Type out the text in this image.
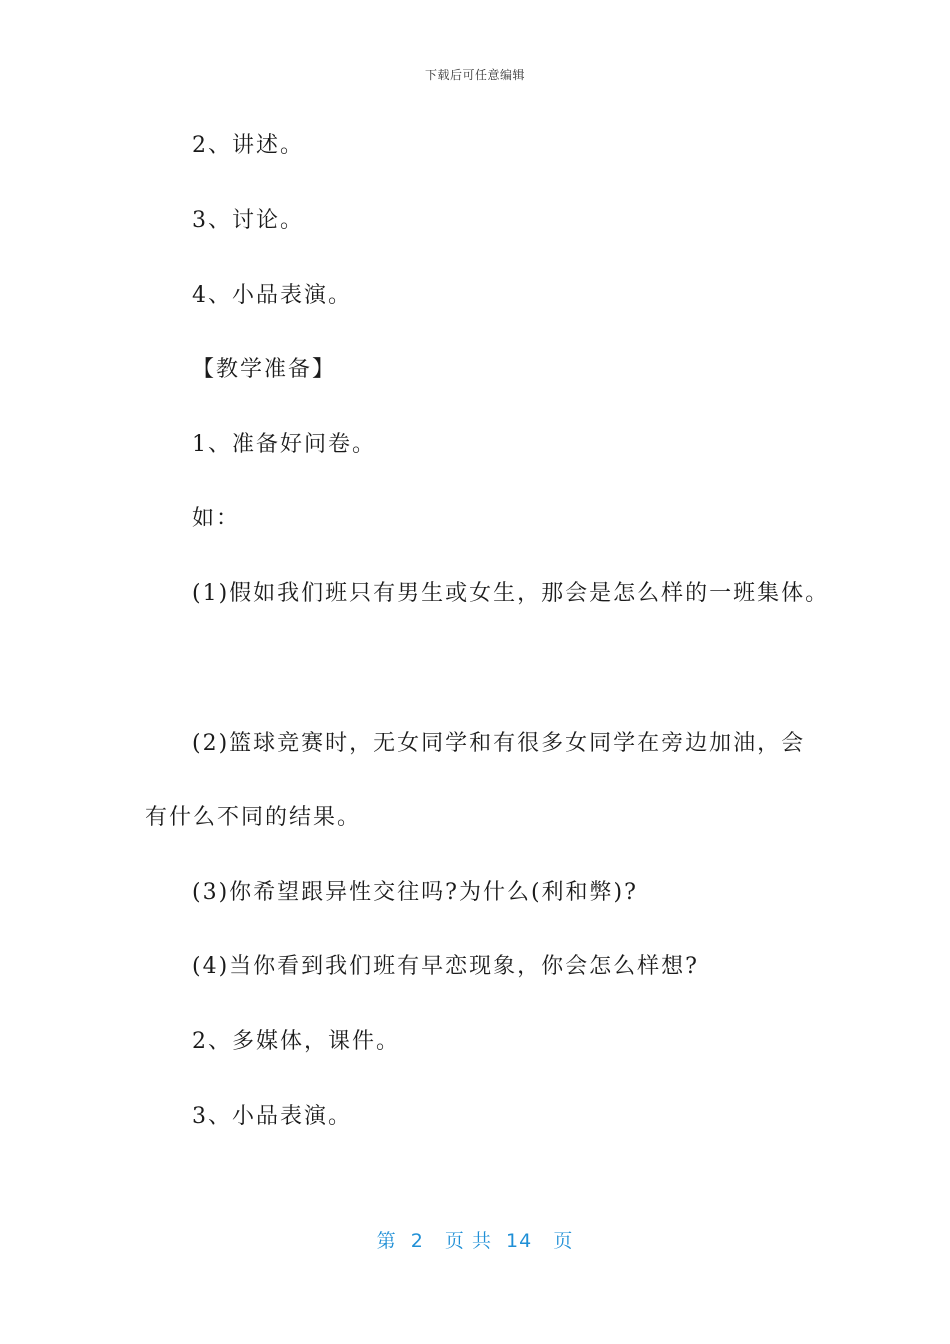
下载后可任意编辑
2、讲述。
3、讨论。
4、小品表演。
【教学准备】
1、准备好问卷。
如：
(1)假如我们班只有男生或女生，那会是怎么样的一班集体。
(2)篮球竞赛时，无女同学和有很多女同学在旁边加油，会
有什么不同的结果。
(3)你希望跟异性交往吗?为什么(利和弊)?
(4)当你看到我们班有早恋现象，你会怎么样想?
2、多媒体，课件。
3、小品表演。
第  2   页 共  14   页
